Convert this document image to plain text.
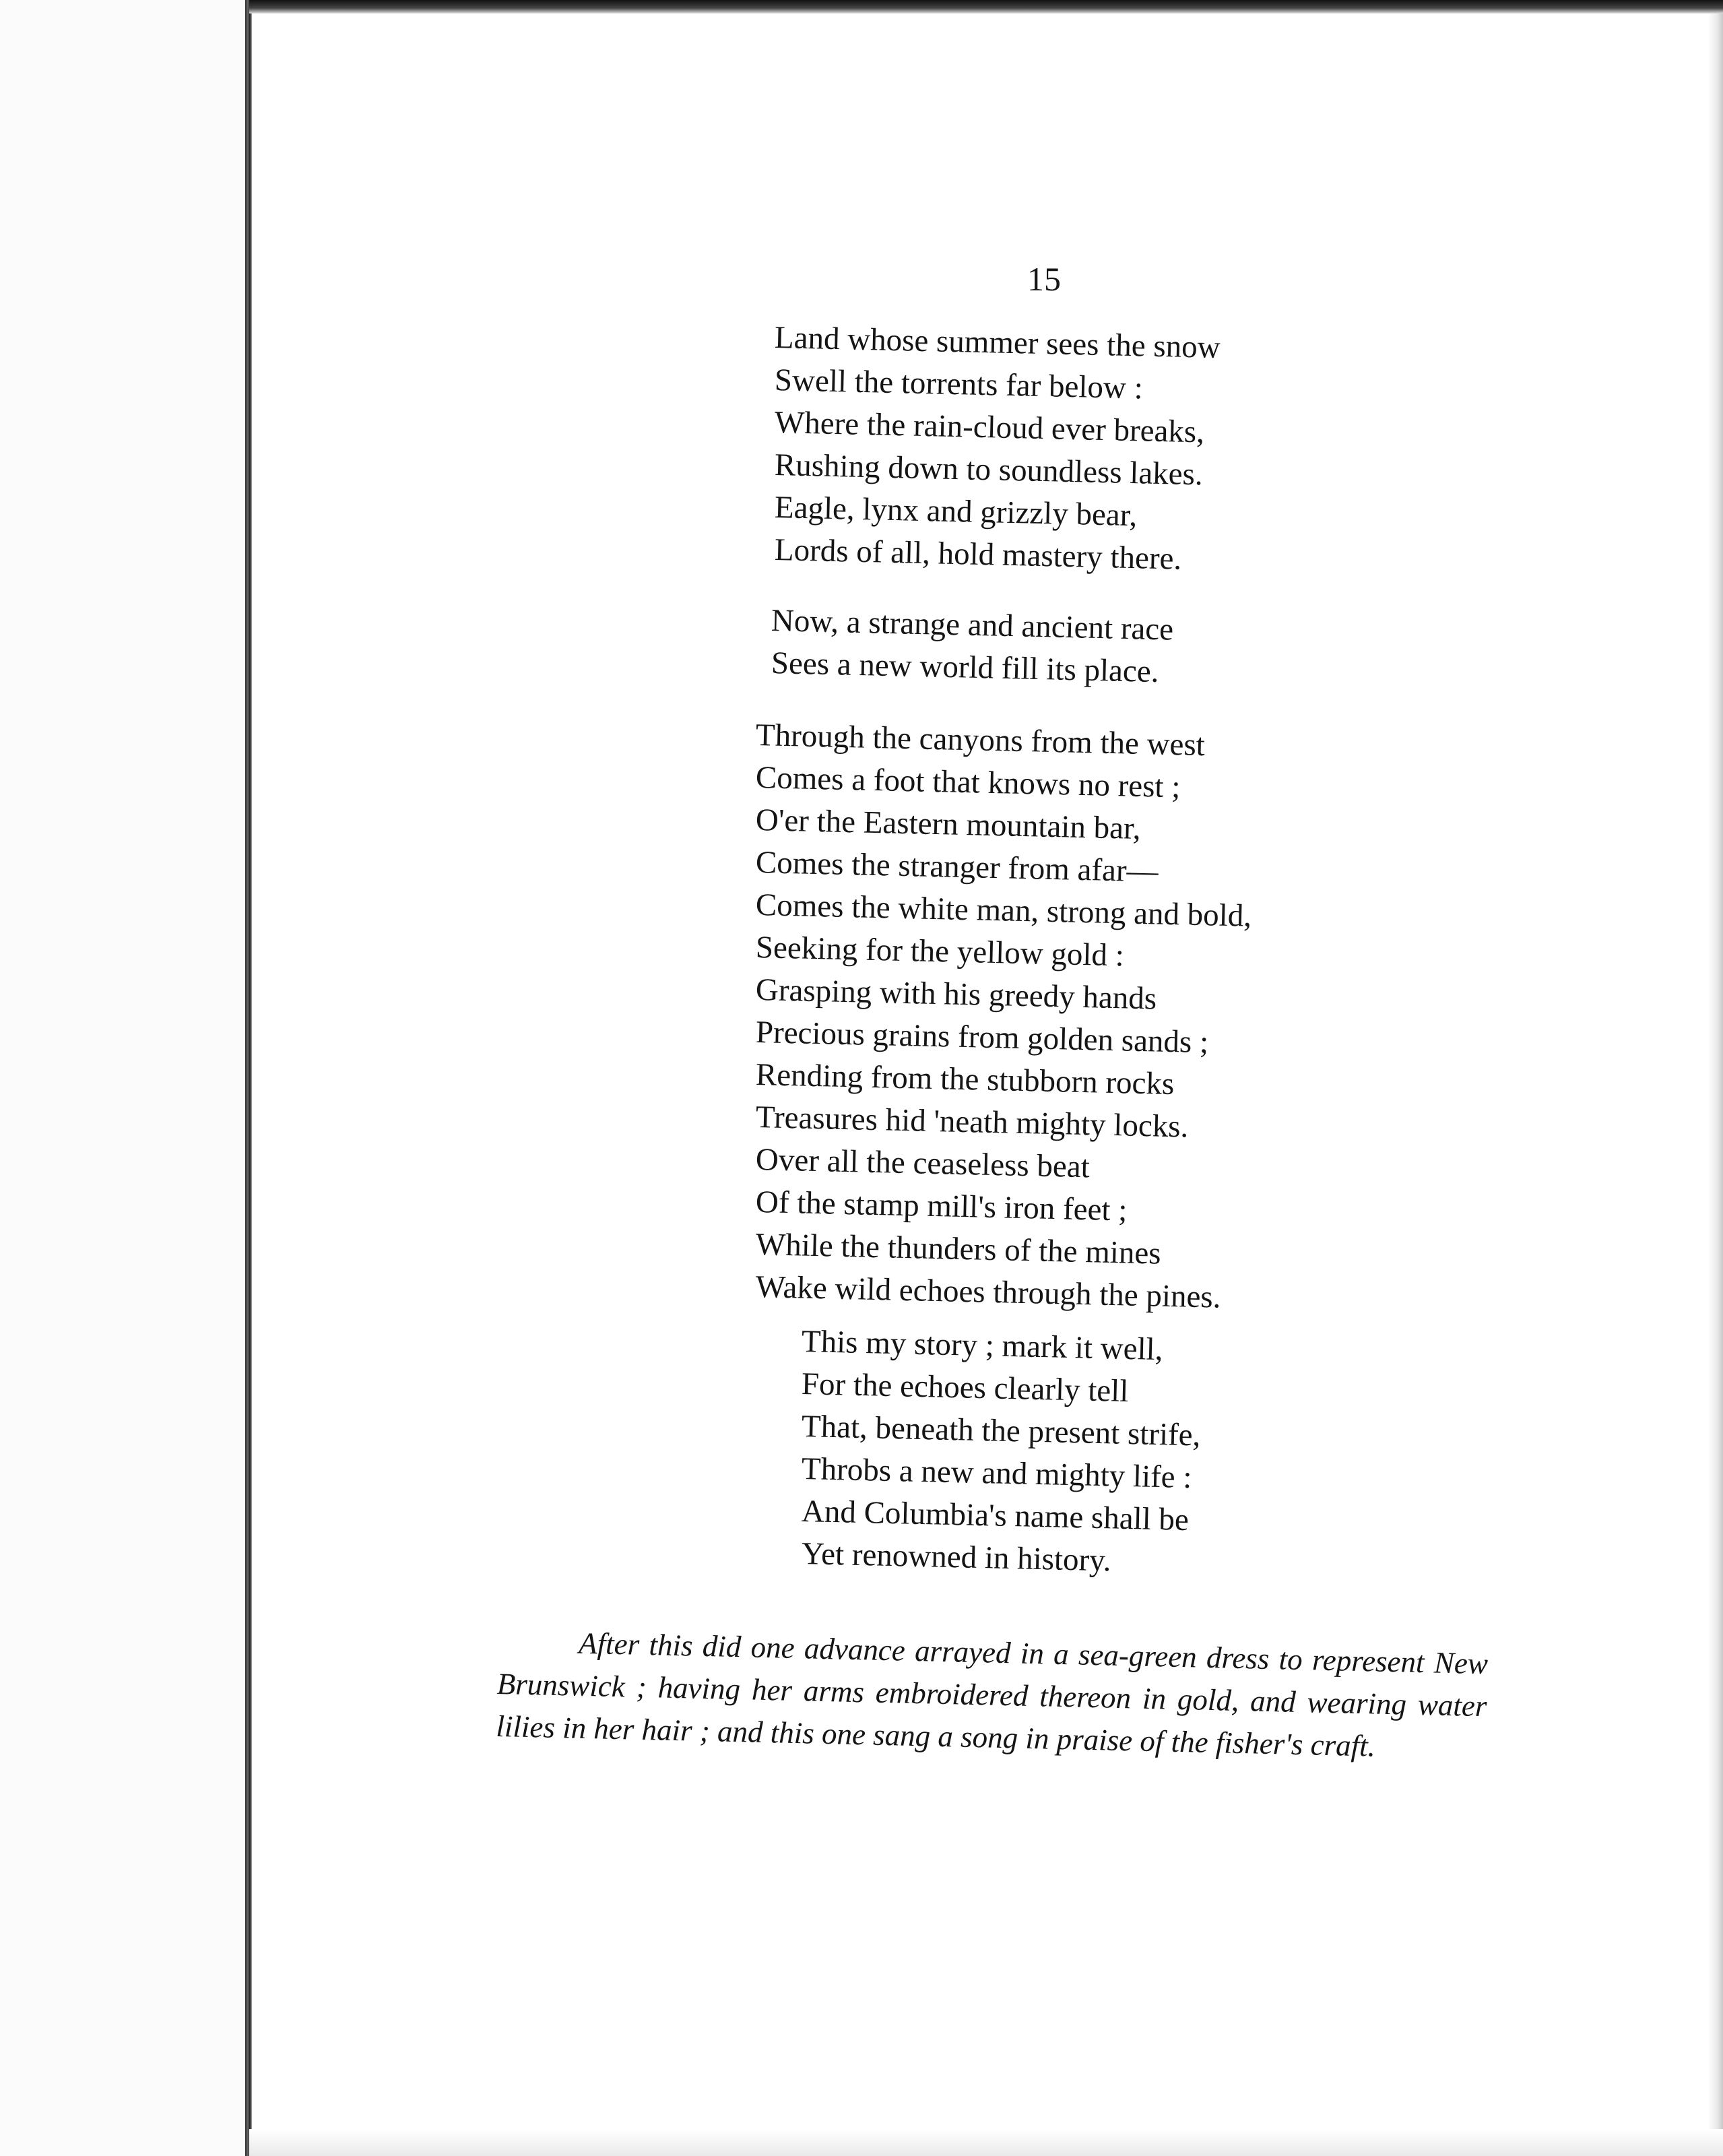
15
Land whose summer sees the snow
Swell the torrents far below :
Where the rain-cloud ever breaks,
Rushing down to soundless lakes.
Eagle, lynx and grizzly bear,
Lords of all, hold mastery there.
Now, a strange and ancient race
Sees a new world fill its place.
Through the canyons from the west
Comes a foot that knows no rest ;
O'er the Eastern mountain bar,
Comes the stranger from afar—
Comes the white man, strong and bold,
Seeking for the yellow gold :
Grasping with his greedy hands
Precious grains from golden sands ;
Rending from the stubborn rocks
Treasures hid 'neath mighty locks.
Over all the ceaseless beat
Of the stamp mill's iron feet ;
While the thunders of the mines
Wake wild echoes through the pines.
This my story ; mark it well,
For the echoes clearly tell
That, beneath the present strife,
Throbs a new and mighty life :
And Columbia's name shall be
Yet renowned in history.

After this did one advance arrayed in a sea-green dress to represent New Brunswick ; having her arms embroidered thereon in gold, and wearing water lilies in her hair ; and this one sang a song in praise of the fisher's craft.
